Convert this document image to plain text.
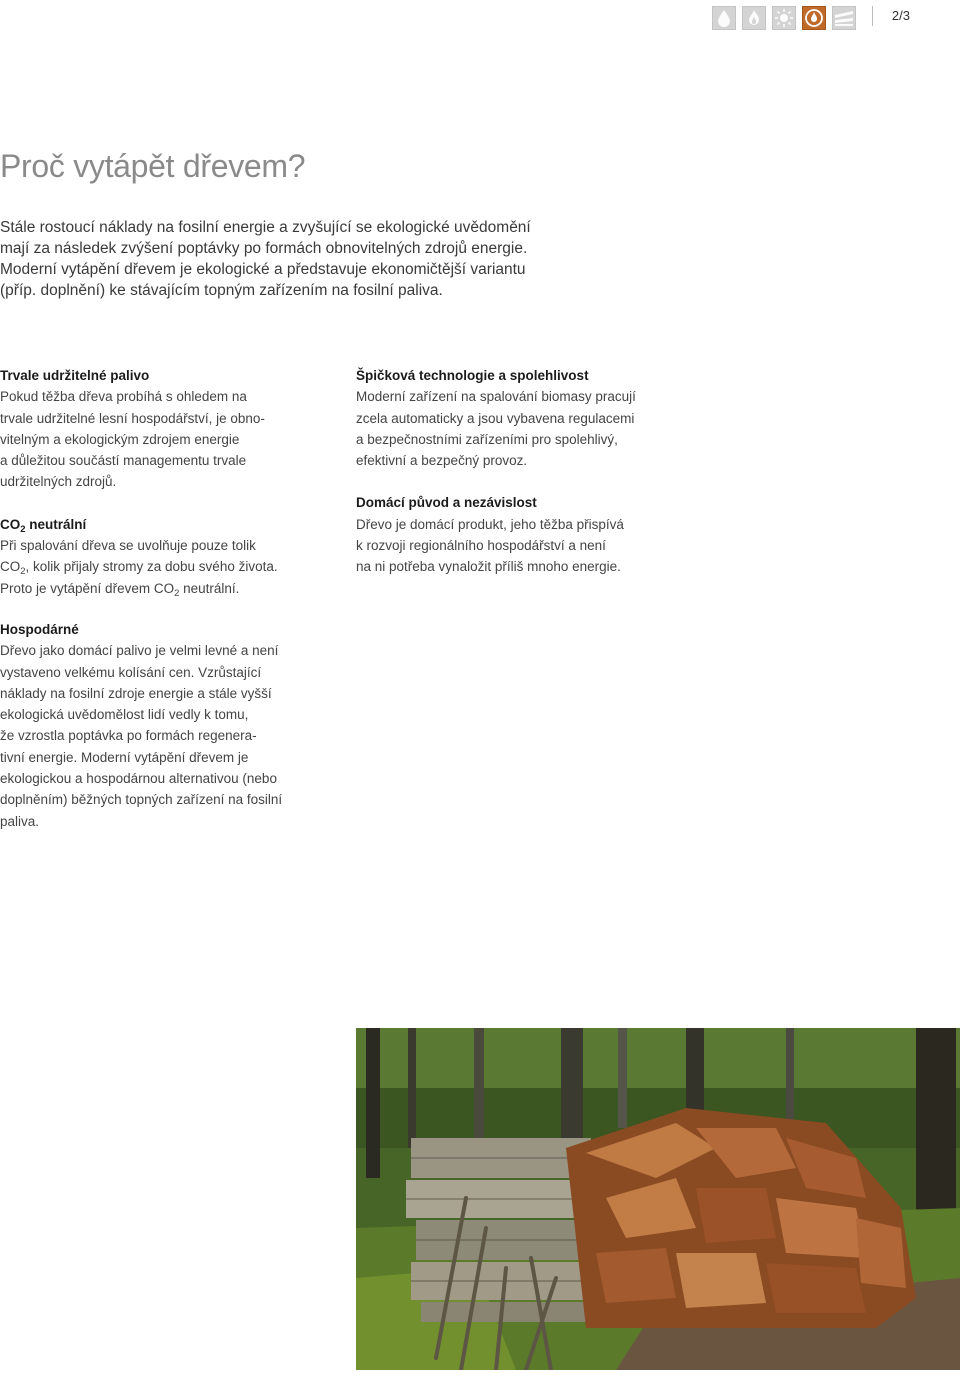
2/3
Proč vytápět dřevem?

Stále rostoucí náklady na fosilní energie a zvyšující se ekologické uvědomění

mají za následek zvýšení poptávky po formách obnovitelných zdrojů energie.

Moderní vytápění dřevem je ekologické a představuje ekonomičtější variantu

(příp. doplnění) ke stávajícím topným zařízením na fosilní paliva.

Trvale udržitelné palivo

Pokud těžba dřeva probíhá s ohledem na
trvale udržitelné lesní hospodářství, je obno-
vitelným a ekologickým zdrojem energie
a důležitou součástí managementu trvale
udržitelných zdrojů.

$CO_2$ neutrální

Při spalování dřeva se uvolňuje pouze tolik
$CO_2$, kolik přijaly stromy za dobu svého života.
Proto je vytápění dřevem $CO_2$ neutrální.

Špičková technologie a spolehlivost

Moderní zařízení na spalování biomasy pracují
zcela automaticky a jsou vybavena regulacemi
a bezpečnostními zařízeními pro spolehlivý,
efektivní a bezpečný provoz.

Domácí původ a nezávislost

Dřevo je domácí produkt, jeho těžba přispívá
k rozvoji regionálního hospodářství a není
na ni potřeba vynaložit příliš mnoho energie.

Hospodárné

Dřevo jako domácí palivo je velmi levné a není
vystaveno velkému kolísání cen. Vzrůstající
náklady na fosilní zdroje energie a stále vyšší
ekologická uvědomělost lidí vedly k tomu,
že vzrostla poptávka po formách regenera-
tivní energie. Moderní vytápění dřevem je
ekologickou a hospodárnou alternativou (nebo
doplněním) běžných topných zařízení na fosilní
paliva.
